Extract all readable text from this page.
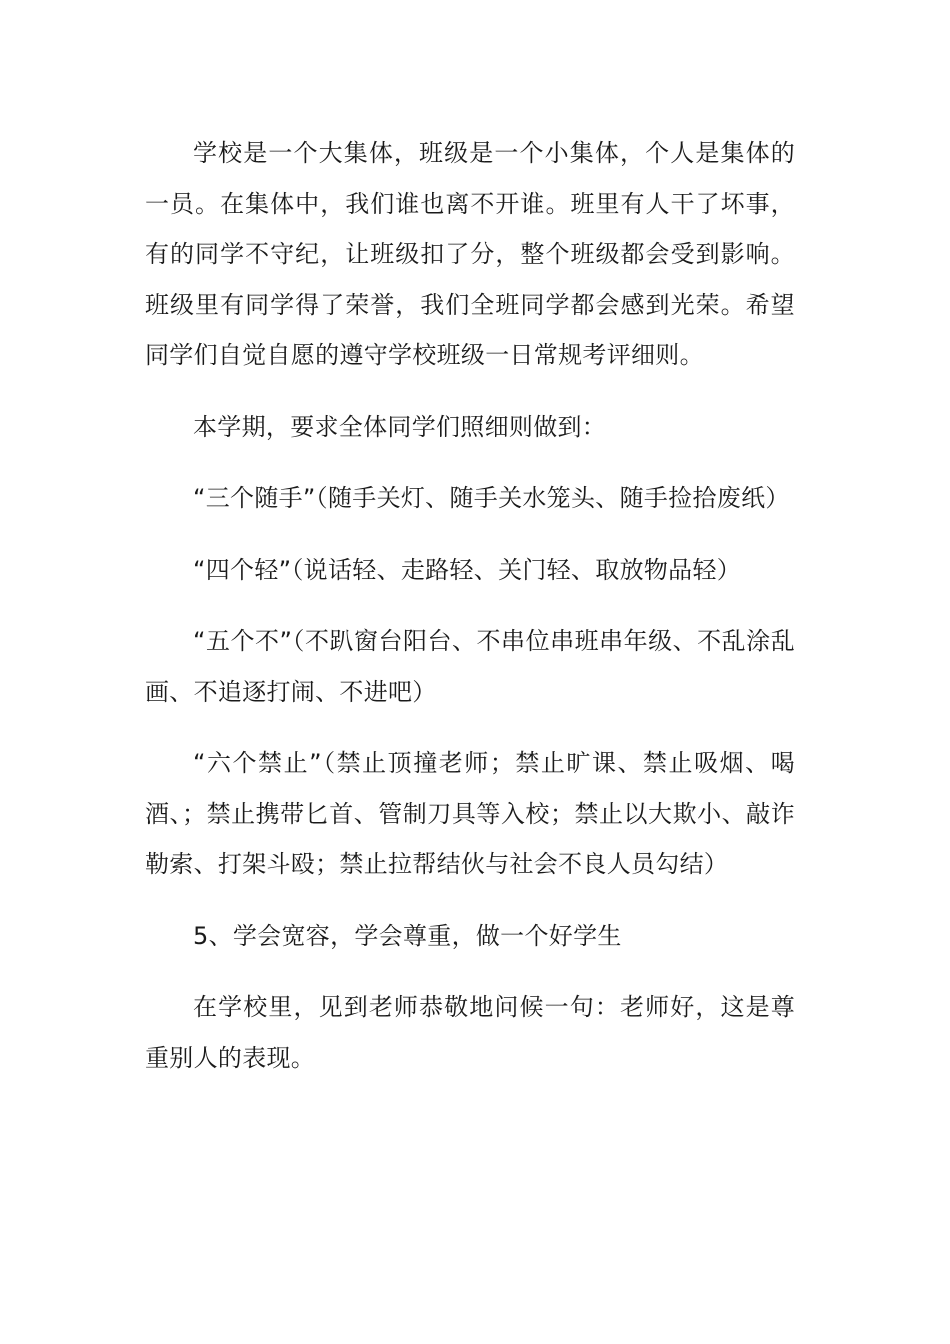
学校是一个大集体，班级是一个小集体，个人是集体的一员。在集体中，我们谁也离不开谁。班里有人干了坏事，有的同学不守纪，让班级扣了分，整个班级都会受到影响。班级里有同学得了荣誉，我们全班同学都会感到光荣。希望同学们自觉自愿的遵守学校班级一日常规考评细则。

本学期，要求全体同学们照细则做到：

“三个随手”（随手关灯、随手关水笼头、随手捡拾废纸）

“四个轻”（说话轻、走路轻、关门轻、取放物品轻）

“五个不”（不趴窗台阳台、不串位串班串年级、不乱涂乱画、不追逐打闹、不进吧）

“六个禁止”（禁止顶撞老师；禁止旷课、禁止吸烟、喝酒、；禁止携带匕首、管制刀具等入校；禁止以大欺小、敲诈勒索、打架斗殴；禁止拉帮结伙与社会不良人员勾结）

5、学会宽容，学会尊重，做一个好学生

在学校里，见到老师恭敬地问候一句：老师好，这是尊重别人的表现。
